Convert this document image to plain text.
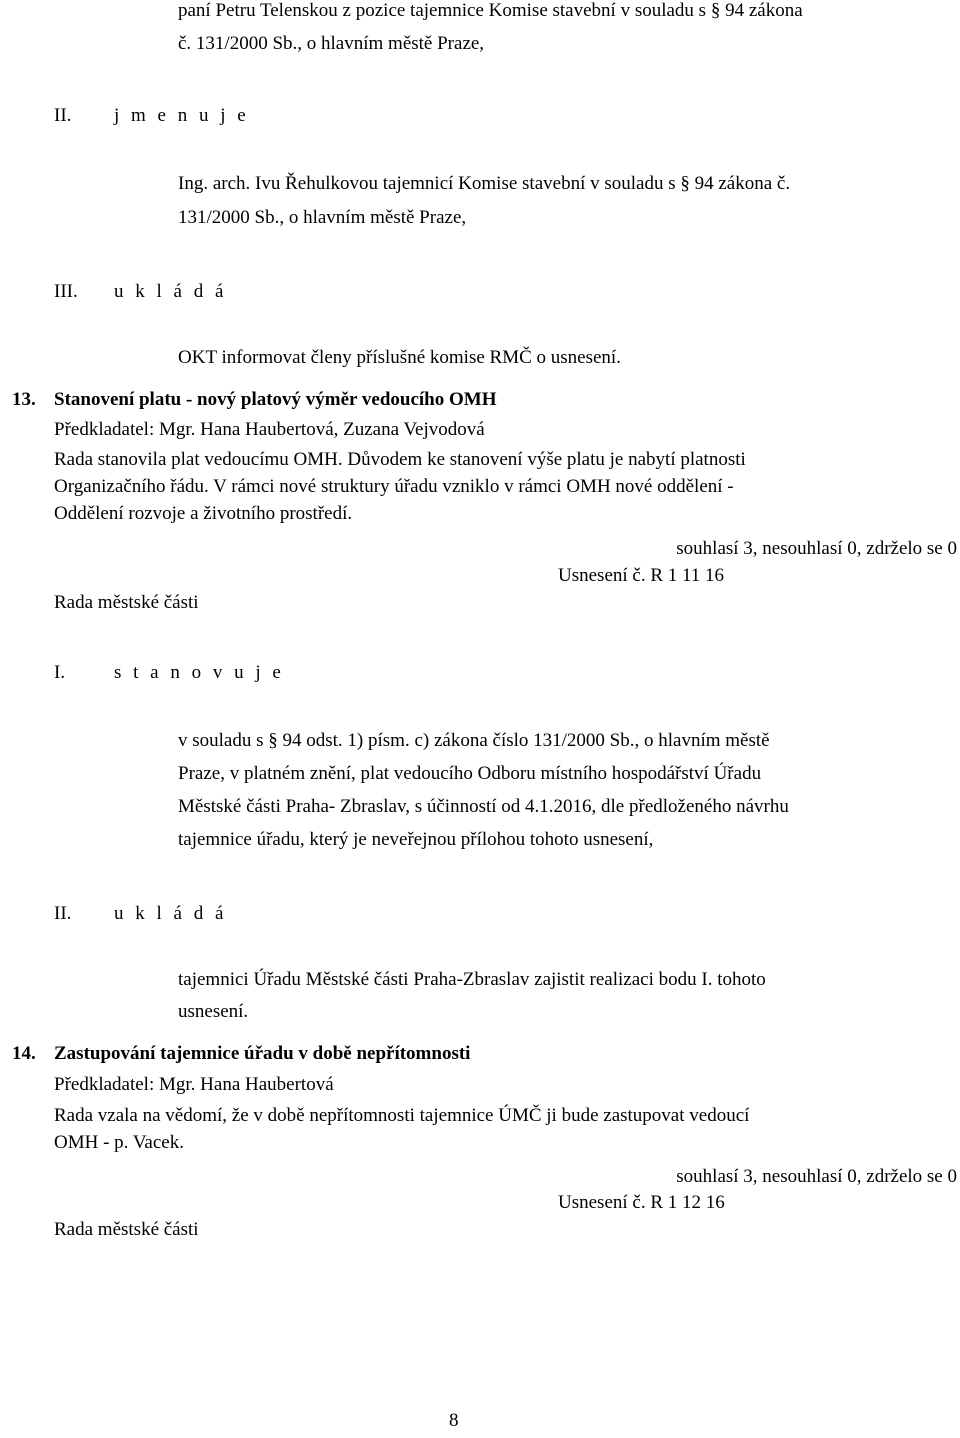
paní Petru Telenskou z pozice tajemnice Komise stavební v souladu s § 94 zákona

č. 131/2000 Sb., o hlavním městě Praze,

II. j m e n u j e

Ing. arch. Ivu Řehulkovou tajemnicí Komise stavební v souladu s § 94 zákona č.

131/2000 Sb., o hlavním městě Praze,

III. u k l á d á

OKT informovat členy příslušné komise RMČ o usnesení.

13. Stanovení platu - nový platový výměr vedoucího OMH

Předkladatel: Mgr. Hana Haubertová, Zuzana Vejvodová

Rada stanovila plat vedoucímu OMH. Důvodem ke stanovení výše platu je nabytí platnosti

Organizačního řádu. V rámci nové struktury úřadu vzniklo v rámci OMH nové oddělení -

Oddělení rozvoje a životního prostředí.

souhlasí 3, nesouhlasí 0, zdrželo se 0

Usnesení č. R 1 11 16

Rada městské části

I.	s t a n o v u j e

v souladu s § 94 odst. 1) písm. c) zákona číslo 131/2000 Sb., o hlavním městě

Praze, v platném znění, plat vedoucího Odboru místního hospodářství Úřadu

Městské části Praha- Zbraslav, s účinností od 4.1.2016, dle předloženého návrhu

tajemnice úřadu, který je neveřejnou přílohou tohoto usnesení,

II. u k l á d á

tajemnici Úřadu Městské části Praha-Zbraslav zajistit realizaci bodu I. tohoto

usnesení.

14. Zastupování tajemnice úřadu v době nepřítomnosti

Předkladatel: Mgr. Hana Haubertová

Rada vzala na vědomí, že v době nepřítomnosti tajemnice ÚMČ ji bude zastupovat vedoucí

OMH - p. Vacek.

souhlasí 3, nesouhlasí 0, zdrželo se 0

Usnesení č. R 1 12 16

Rada městské části

8
